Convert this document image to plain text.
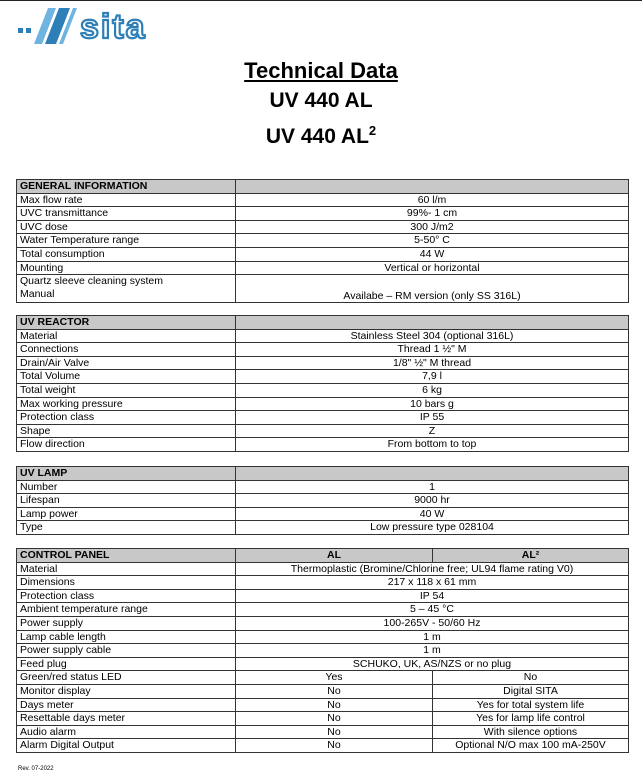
sita
Technical Data
UV 440 AL
UV 440 $AL^2$
GENERAL INFORMATION	
Max flow rate	60 l/m
UVC transmittance	99%- 1 cm
UVC dose	300 J/m2
Water Temperature range	5-50° C
Total consumption	44 W
Mounting	Vertical or horizontal
Quartz sleeve cleaning system
Manual	Availabe – RM version (only SS 316L)
UV REACTOR	
Material	Stainless Steel 304 (optional 316L)
Connections	Thread 1 ½" M
Drain/Air Valve	1/8" ½" M thread
Total Volume	7,9 l
Total weight	6 kg
Max working pressure	10 bars g
Protection class	IP 55
Shape	Z
Flow direction	From bottom to top
UV LAMP	
Number	1
Lifespan	9000 hr
Lamp power	40 W
Type	Low pressure type 028104
CONTROL PANEL	AL	AL²
Material	Thermoplastic (Bromine/Chlorine free; UL94 flame rating V0)	
Dimensions	217 x 118 x 61 mm	
Protection class	IP 54	
Ambient temperature range	5 – 45 °C	
Power supply	100-265V - 50/60 Hz	
Lamp cable length	1 m	
Power supply cable	1 m	
Feed plug	SCHUKO, UK, AS/NZS or no plug	
Green/red status LED	Yes	No
Monitor display	No	Digital SITA
Days meter	No	Yes for total system life
Resettable days meter	No	Yes for lamp life control
Audio alarm	No	With silence options
Alarm Digital Output	No	Optional N/O max 100 mA-250V
Rev. 07-2022
